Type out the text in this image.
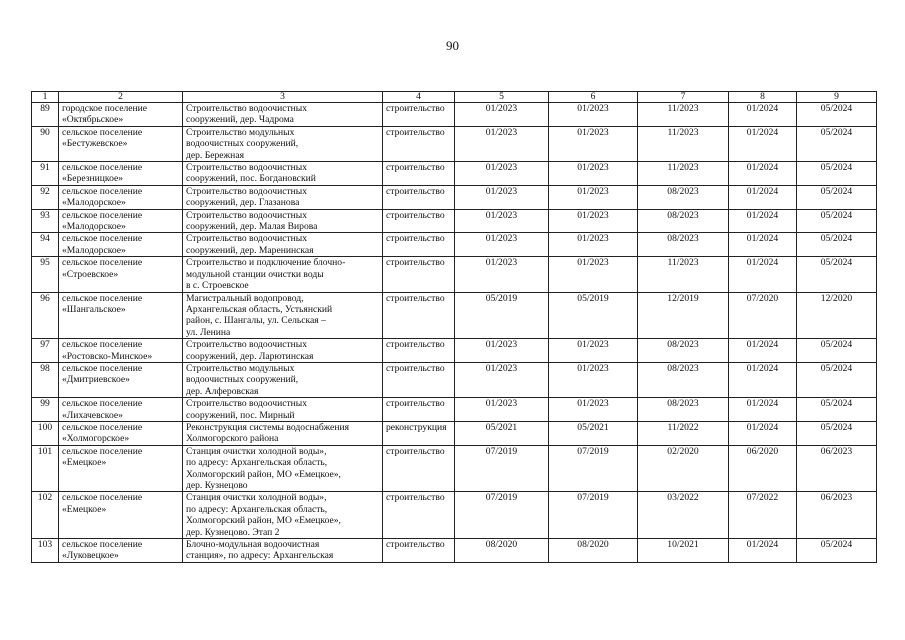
90
1	2	3	4	5	6	7	8	9
89	городское поселение
«Октябрьское»	Строительство водоочистных
сооружений, дер. Чадрома	строительство	01/2023	01/2023	11/2023	01/2024	05/2024
90	сельское поселение
«Бестужевское»	Строительство модульных
водоочистных сооружений,
дер. Бережная	строительство	01/2023	01/2023	11/2023	01/2024	05/2024
91	сельское поселение
«Березницкое»	Строительство водоочистных
сооружений, пос. Богдановский	строительство	01/2023	01/2023	11/2023	01/2024	05/2024
92	сельское поселение
«Малодорское»	Строительство водоочистных
сооружений, дер. Глазанова	строительство	01/2023	01/2023	08/2023	01/2024	05/2024
93	сельское поселение
«Малодорское»	Строительство водоочистных
сооружений, дер. Малая Вирова	строительство	01/2023	01/2023	08/2023	01/2024	05/2024
94	сельское поселение
«Малодорское»	Строительство водоочистных
сооружений, дер. Маренинская	строительство	01/2023	01/2023	08/2023	01/2024	05/2024
95	сельское поселение
«Строевское»	Строительство и подключение блочно-
модульной станции очистки воды
в с. Строевское	строительство	01/2023	01/2023	11/2023	01/2024	05/2024
96	сельское поселение
«Шангальское»	Магистральный водопровод,
Архангельская область, Устьянский
район, с. Шангалы, ул. Сельская –
ул. Ленина	строительство	05/2019	05/2019	12/2019	07/2020	12/2020
97	сельское поселение
«Ростовско-Минское»	Строительство водоочистных
сооружений, дер. Ларютинская	строительство	01/2023	01/2023	08/2023	01/2024	05/2024
98	сельское поселение
«Дмитриевское»	Строительство модульных
водоочистных сооружений,
дер. Алферовская	строительство	01/2023	01/2023	08/2023	01/2024	05/2024
99	сельское поселение
«Лихачевское»	Строительство водоочистных
сооружений, пос. Мирный	строительство	01/2023	01/2023	08/2023	01/2024	05/2024
100	сельское поселение
«Холмогорское»	Реконструкция системы водоснабжения
Холмогорского района	реконструкция	05/2021	05/2021	11/2022	01/2024	05/2024
101	сельское поселение
«Емецкое»	Станция очистки холодной воды»,
по адресу: Архангельская область,
Холмогорский район, МО «Емецкое»,
дер. Кузнецово	строительство	07/2019	07/2019	02/2020	06/2020	06/2023
102	сельское поселение
«Емецкое»	Станция очистки холодной воды»,
по адресу: Архангельская область,
Холмогорский район, МО «Емецкое»,
дер. Кузнецово. Этап 2	строительство	07/2019	07/2019	03/2022	07/2022	06/2023
103	сельское поселение
«Луковецкое»	Блочно-модульная водоочистная
станция», по адресу: Архангельская	строительство	08/2020	08/2020	10/2021	01/2024	05/2024
